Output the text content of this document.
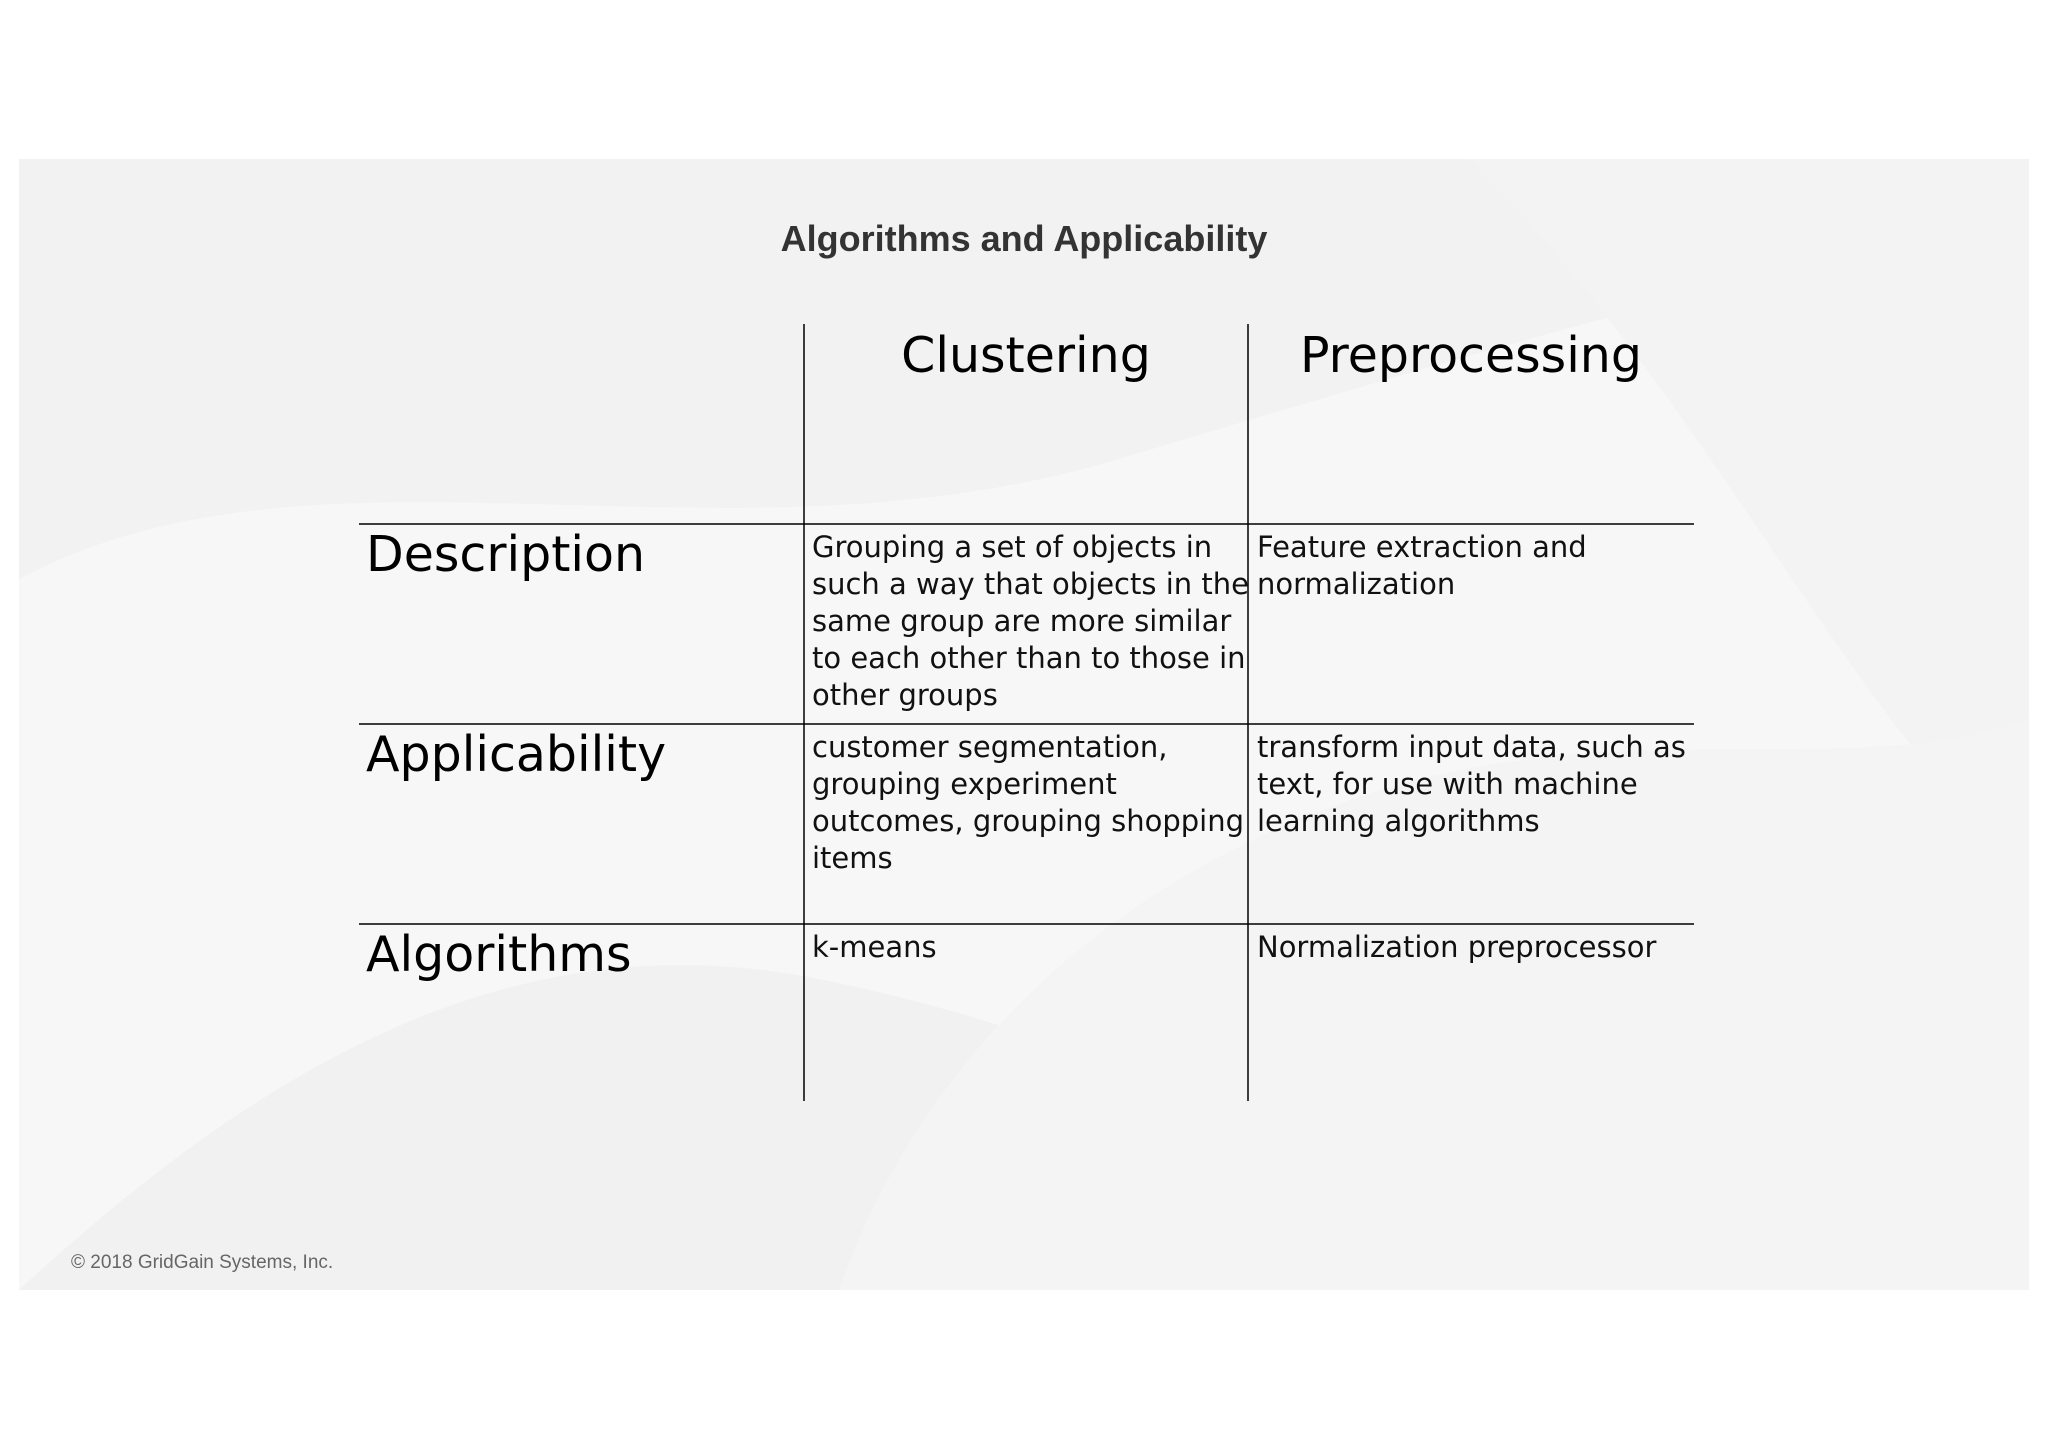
Algorithms and Applicability
Clustering	Preprocessing
Description
Applicability
Algorithms
Grouping a set of objects in such a way that objects in the same group are more similar to each other than to those in other groups
Feature extraction and normalization
customer segmentation, grouping experiment outcomes, grouping shopping items
transform input data, such as text, for use with machine learning algorithms
k-means	Normalization preprocessor
© 2018 GridGain Systems, Inc.
